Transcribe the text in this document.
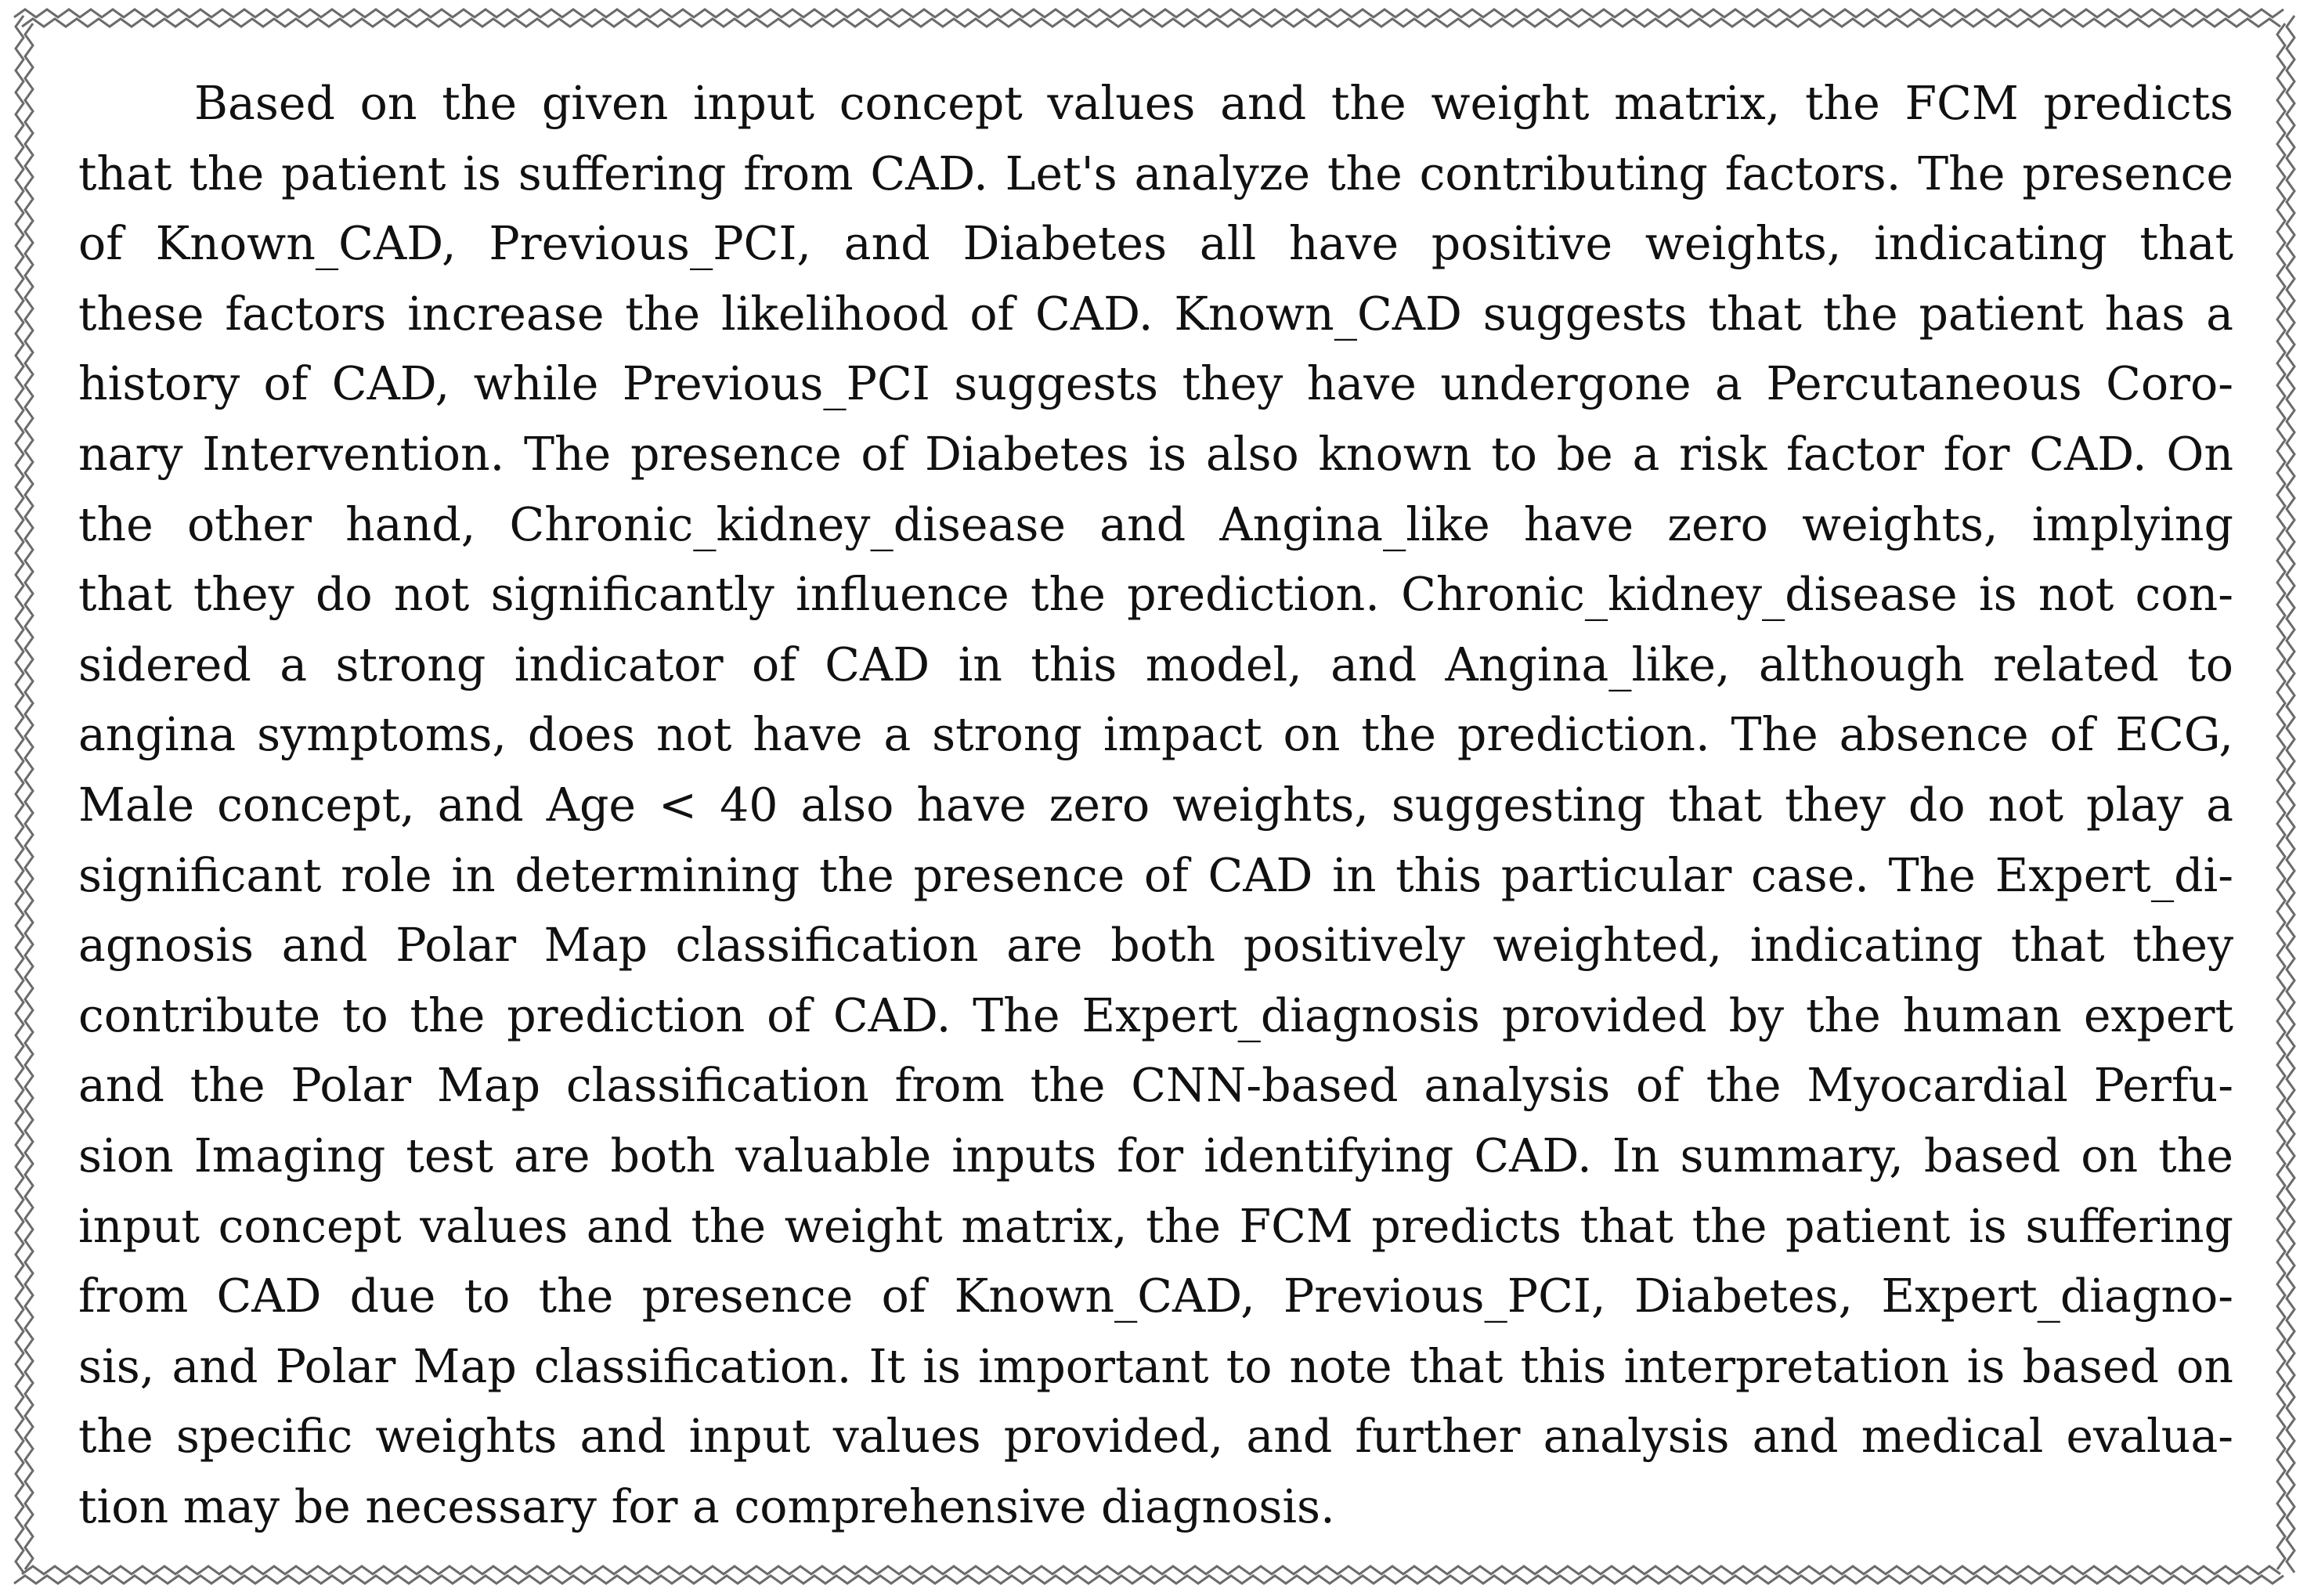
Based on the given input concept values and the weight matrix, the FCM predicts
that the patient is suffering from CAD. Let's analyze the contributing factors. The presence
of Known_CAD, Previous_PCI, and Diabetes all have positive weights, indicating that
these factors increase the likelihood of CAD. Known_CAD suggests that the patient has a
history of CAD, while Previous_PCI suggests they have undergone a Percutaneous Coro-
nary Intervention. The presence of Diabetes is also known to be a risk factor for CAD. On
the other hand, Chronic_kidney_disease and Angina_like have zero weights, implying
that they do not significantly influence the prediction. Chronic_kidney_disease is not con-
sidered a strong indicator of CAD in this model, and Angina_like, although related to
angina symptoms, does not have a strong impact on the prediction. The absence of ECG,
Male concept, and Age < 40 also have zero weights, suggesting that they do not play a
significant role in determining the presence of CAD in this particular case. The Expert_di-
agnosis and Polar Map classification are both positively weighted, indicating that they
contribute to the prediction of CAD. The Expert_diagnosis provided by the human expert
and the Polar Map classification from the CNN-based analysis of the Myocardial Perfu-
sion Imaging test are both valuable inputs for identifying CAD. In summary, based on the
input concept values and the weight matrix, the FCM predicts that the patient is suffering
from CAD due to the presence of Known_CAD, Previous_PCI, Diabetes, Expert_diagno-
sis, and Polar Map classification. It is important to note that this interpretation is based on
the specific weights and input values provided, and further analysis and medical evalua-
tion may be necessary for a comprehensive diagnosis.
